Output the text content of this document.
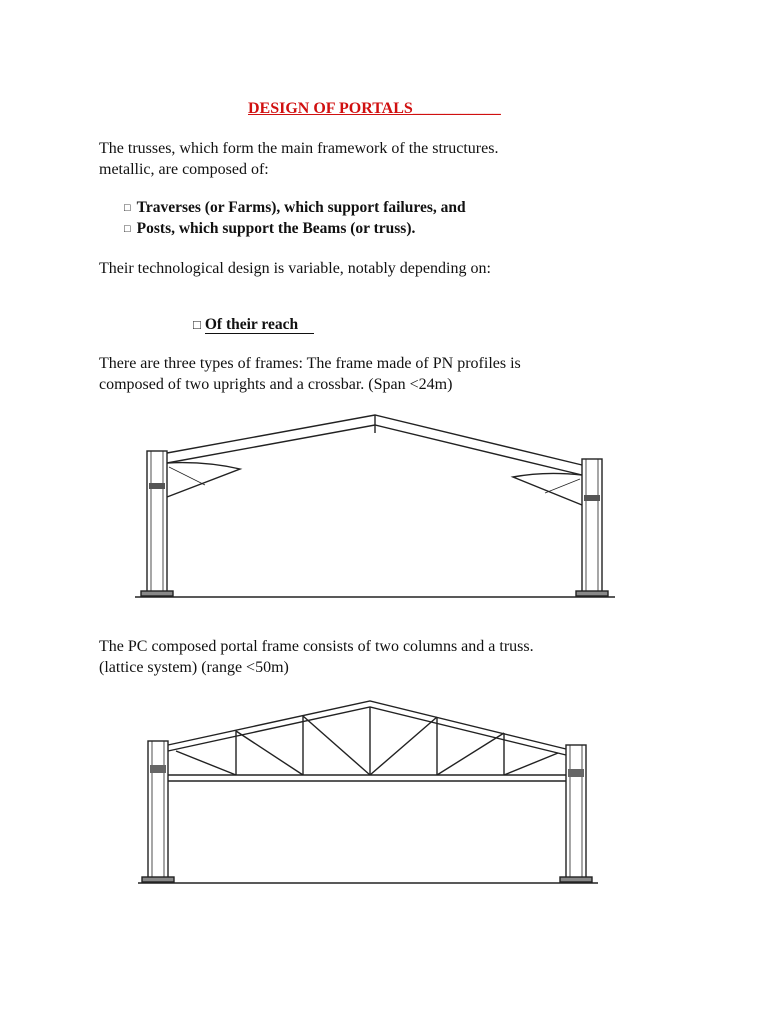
DESIGN OF PORTALS___________
The trusses, which form the main framework of the structures.
metallic, are composed of:
□ Traverses (or Farms), which support failures, and
□ Posts, which support the Beams (or truss).
Their technological design is variable, notably depending on:
□ Of their reach
There are three types of frames: The frame made of PN profiles is
composed of two uprights and a crossbar. (Span <24m)
The PC composed portal frame consists of two columns and a truss.
(lattice system) (range <50m)
